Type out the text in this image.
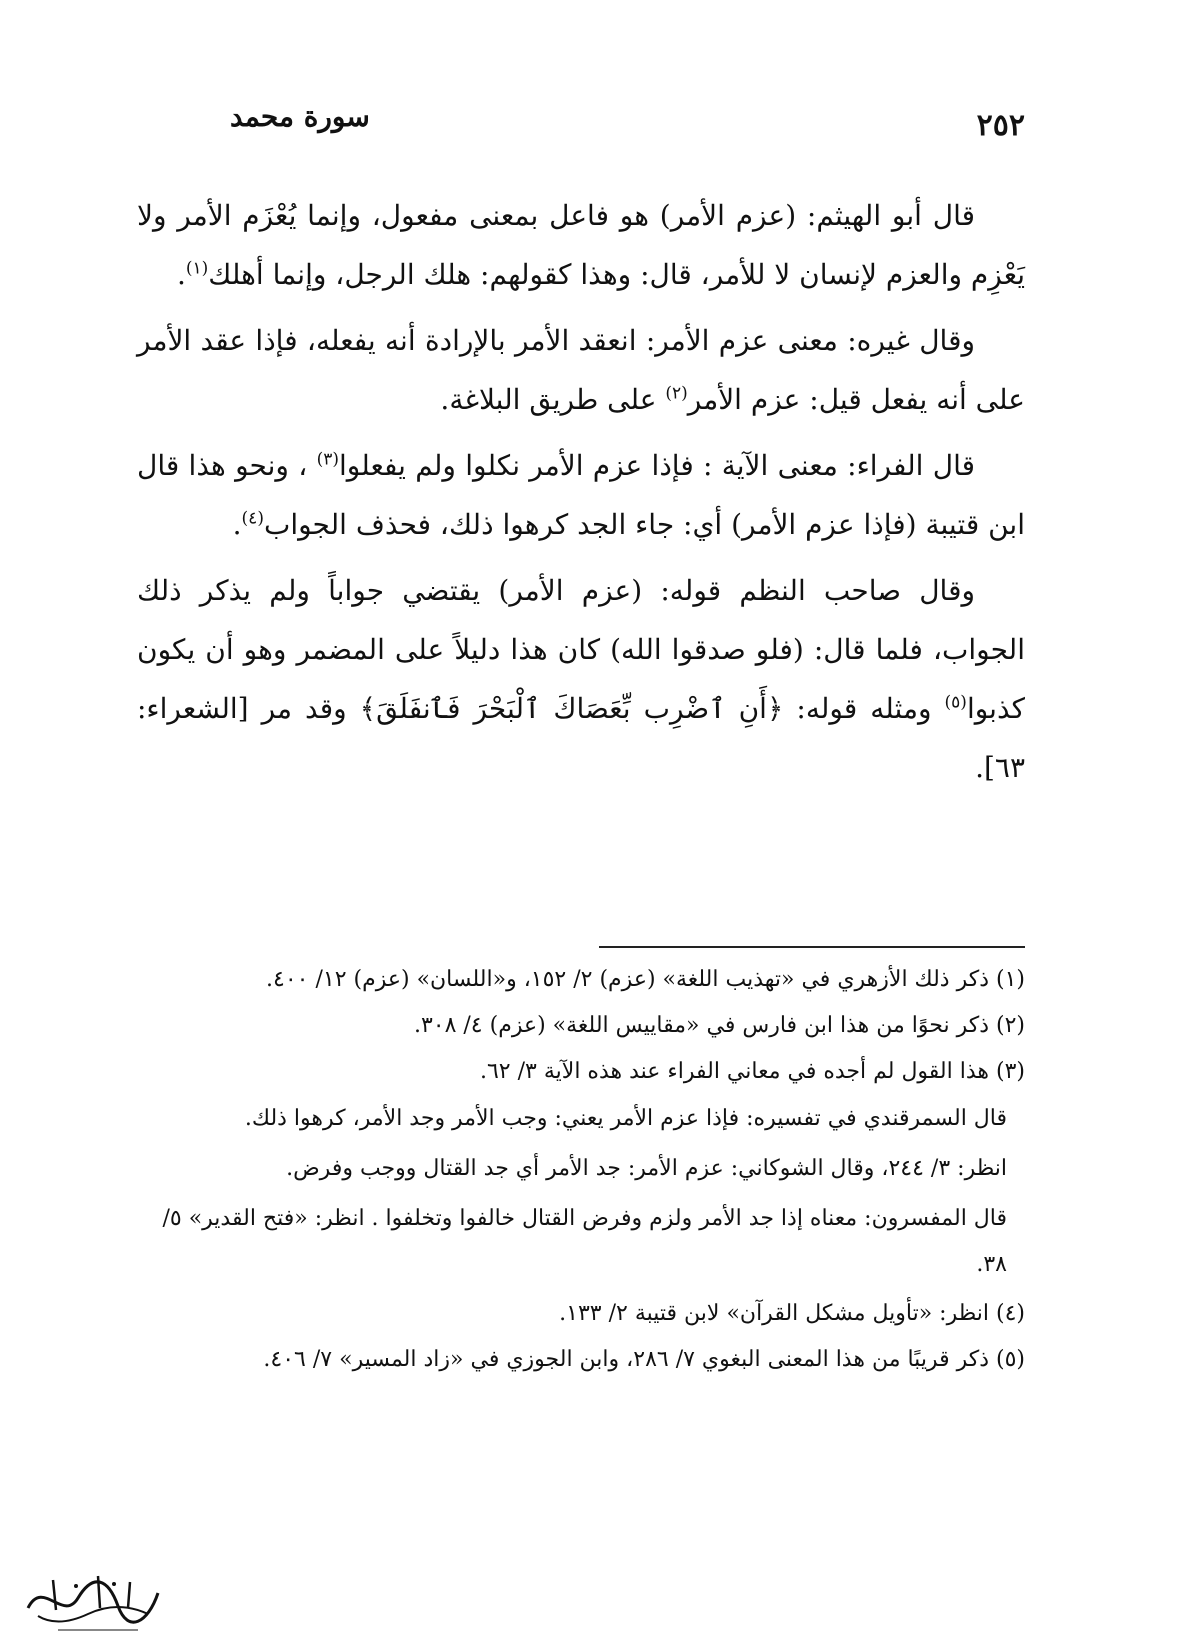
٢٥٢
سورة محمد

قال أبو الهيثم: (عزم الأمر) هو فاعل بمعنى مفعول، وإنما يُعْزَم الأمر ولا يَعْزِم والعزم لإنسان لا للأمر، قال: وهذا كقولهم: هلك الرجل، وإنما أهلك$^{(١)}$.

وقال غيره: معنى عزم الأمر: انعقد الأمر بالإرادة أنه يفعله، فإذا عقد الأمر على أنه يفعل قيل: عزم الأمر$^{(٢)}$ على طريق البلاغة.

قال الفراء: معنى الآية : فإذا عزم الأمر نكلوا ولم يفعلوا$^{(٣)}$ ، ونحو هذا قال ابن قتيبة (فإذا عزم الأمر) أي: جاء الجد كرهوا ذلك، فحذف الجواب$^{(٤)}$.

وقال صاحب النظم قوله: (عزم الأمر) يقتضي جواباً ولم يذكر ذلك الجواب، فلما قال: (فلو صدقوا الله) كان هذا دليلاً على المضمر وهو أن يكون كذبوا$^{(٥)}$ ومثله قوله: ﴿أَنِ ٱضْرِب بِّعَصَاكَ ٱلْبَحْرَ فَٱنفَلَقَ﴾ وقد مر [الشعراء: ٦٣].

(١) ذكر ذلك الأزهري في «تهذيب اللغة» (عزم) ٢/ ١٥٢، و«اللسان» (عزم) ١٢/ ٤٠٠.
(٢) ذكر نحوًا من هذا ابن فارس في «مقاييس اللغة» (عزم) ٤/ ٣٠٨.
(٣) هذا القول لم أجده في معاني الفراء عند هذه الآية ٣/ ٦٢.
قال السمرقندي في تفسيره: فإذا عزم الأمر يعني: وجب الأمر وجد الأمر، كرهوا ذلك.
انظر: ٣/ ٢٤٤، وقال الشوكاني: عزم الأمر: جد الأمر أي جد القتال ووجب وفرض.
قال المفسرون: معناه إذا جد الأمر ولزم وفرض القتال خالفوا وتخلفوا . انظر: «فتح القدير» ٥/ ٣٨.
(٤) انظر: «تأويل مشكل القرآن» لابن قتيبة ٢/ ١٣٣.
(٥) ذكر قريبًا من هذا المعنى البغوي ٧/ ٢٨٦، وابن الجوزي في «زاد المسير» ٧/ ٤٠٦.
